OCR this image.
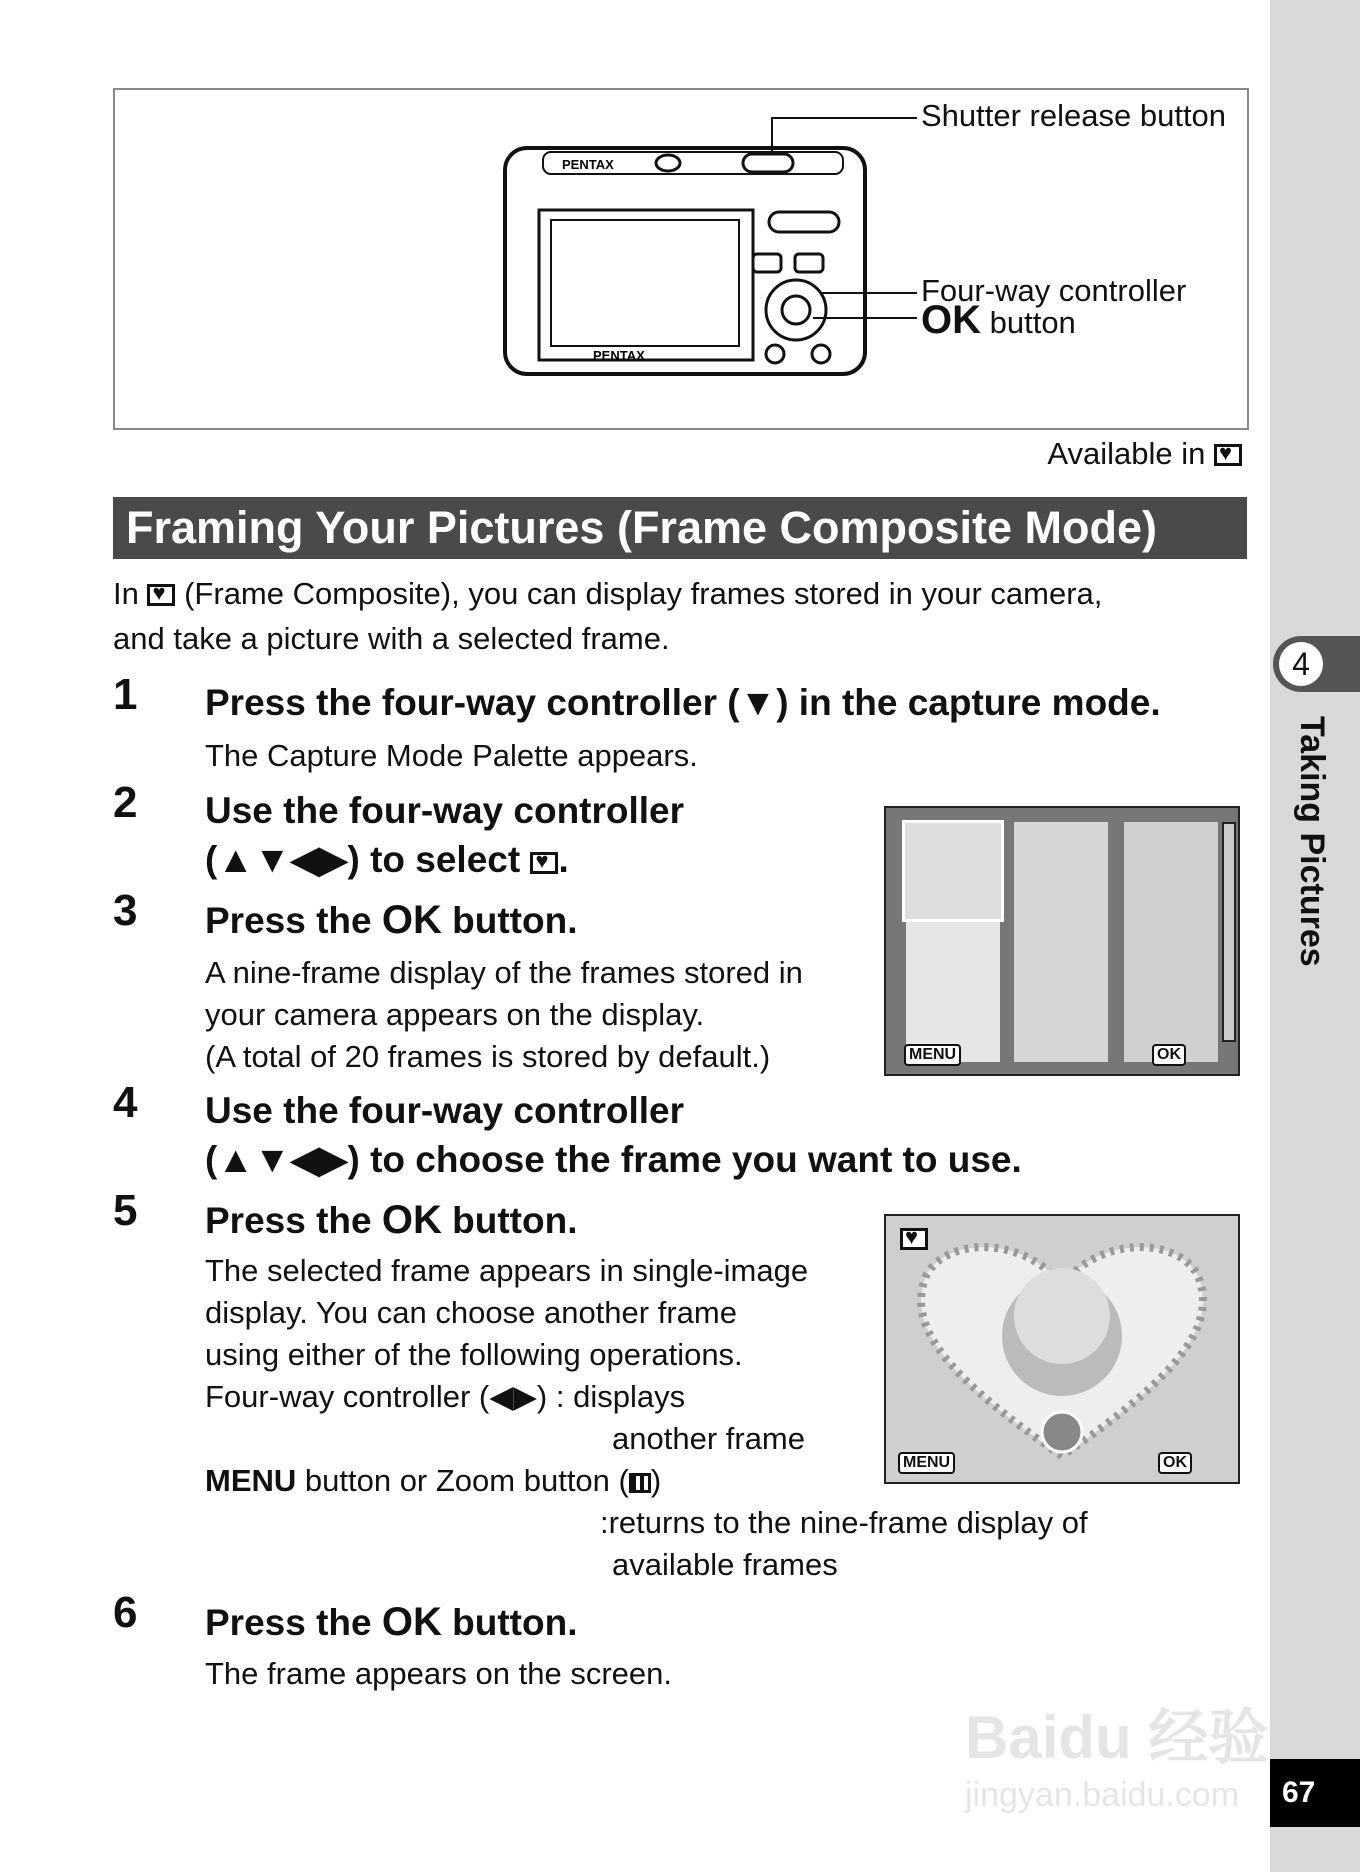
PENTAX
PENTAX
Shutter release button
Four-way controller
OK button
Available in ♥
Framing Your Pictures (Frame Composite Mode)
In ♥ (Frame Composite), you can display frames stored in your camera,
and take a picture with a selected frame.
1 Press the four-way controller (▼) in the capture mode.
The Capture Mode Palette appears.
2 Use the four-way controller
(▲▼◀▶) to select ♥ .
3 Press the OK button.
A nine-frame display of the frames stored in
your camera appears on the display.
(A total of 20 frames is stored by default.)	MENU	OK
4 Use the four-way controller
(▲▼◀▶) to choose the frame you want to use.
5 Press the OK button.
The selected frame appears in single-image
display. You can choose another frame
using either of the following operations.
Four-way controller (◀▶) : displays
another frame
MENU button or Zoom button ( )
:returns to the nine-frame display of
available frames
♥
MENU	OK
6 Press the OK button.
The frame appears on the screen.
4
Taking Pictures
67
Baidu 经验
jingyan.baidu.com
